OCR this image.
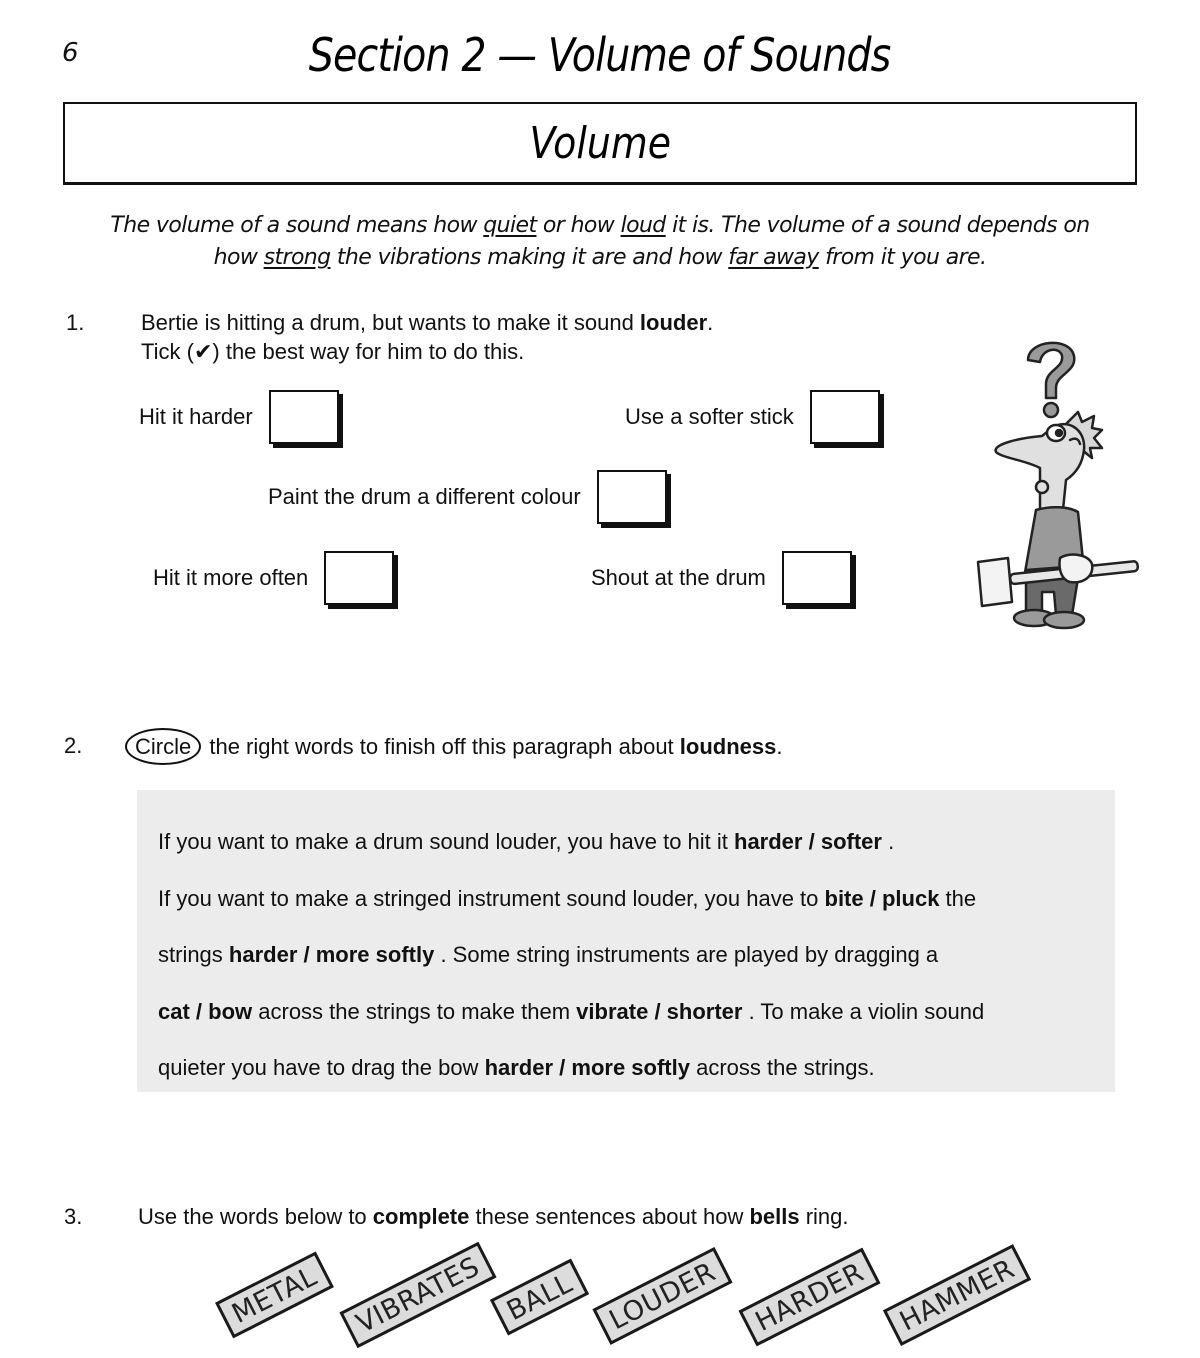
6	Section 2 — Volume of Sounds
Volume
The volume of a sound means how quiet or how loud it is. The volume of a sound depends on
how strong the vibrations making it are and how far away from it you are.
1.	Bertie is hitting a drum, but wants to make it sound louder.
Tick (✔) the best way for him to do this.
Hit it harder	Use a softer stick
Paint the drum a different colour
Hit it more often	Shout at the drum
2.	Circle the right words to finish off this paragraph about loudness.
If you want to make a drum sound louder, you have to hit it harder / softer .
If you want to make a stringed instrument sound louder, you have to bite / pluck the
strings harder / more softly . Some string instruments are played by dragging a
cat / bow across the strings to make them vibrate / shorter . To make a violin sound
quieter you have to drag the bow harder / more softly across the strings.
3.	Use the words below to complete these sentences about how bells ring.
METAL	VIBRATES BALL LOUDER	HARDER HAMMER
